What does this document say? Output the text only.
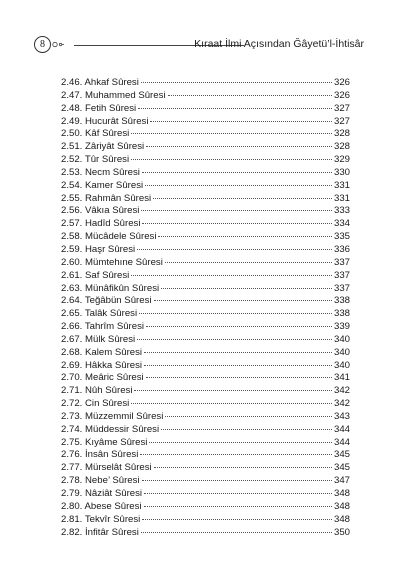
8	Kıraat İlmi Açısından Ğâyetü’l-İhtisâr
2.46. Ahkaf Sûresi	326
2.47. Muhammed Sûresi	326
2.48. Fetih Sûresi	327
2.49. Hucurât Sûresi	327
2.50. Kâf Sûresi	328
2.51. Zâriyât Sûresi	328
2.52. Tûr Sûresi	329
2.53. Necm Sûresi	330
2.54. Kamer Sûresi	331
2.55. Rahmân Sûresi	331
2.56. Vâkıa Sûresi	333
2.57. Hadîd Sûresi	334
2.58. Mücâdele Sûresi	335
2.59. Haşr Sûresi	336
2.60. Mümtehıne Sûresi	337
2.61. Saf Sûresi	337
2.63. Münâfikûn Sûresi	337
2.64. Teğâbün Sûresi	338
2.65. Talâk Sûresi	338
2.66. Tahrîm Sûresi	339
2.67. Mülk Sûresi	340
2.68. Kalem Sûresi	340
2.69. Hâkka Sûresi	340
2.70. Meâric Sûresi	341
2.71. Nûh Sûresi	342
2.72. Cin Sûresi	342
2.73. Müzzemmil Sûresi	343
2.74. Müddessir Sûresi	344
2.75. Kıyâme Sûresi	344
2.76. İnsân Sûresi	345
2.77. Mürselât Sûresi	345
2.78. Nebe’ Sûresi	347
2.79. Nâziât Sûresi	348
2.80. Abese Sûresi	348
2.81. Tekvîr Sûresi	348
2.82. İnfitâr Sûresi	350
